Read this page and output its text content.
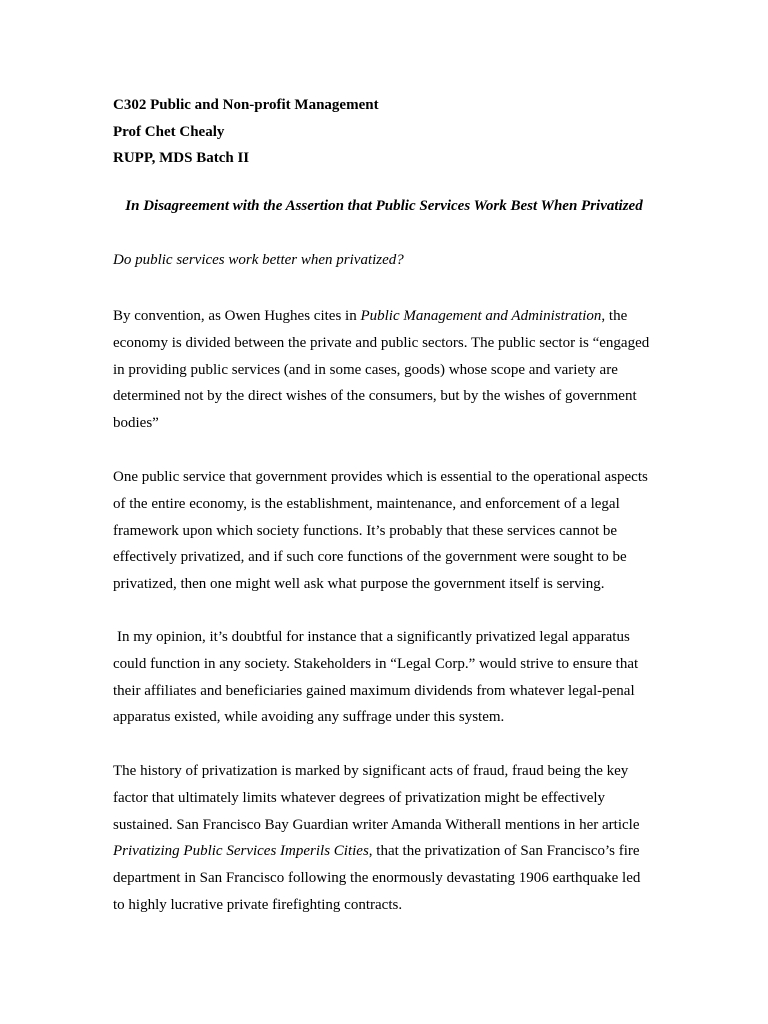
C302 Public and Non-profit Management
Prof Chet Chealy
RUPP, MDS Batch II
In Disagreement with the Assertion that Public Services Work Best When Privatized
Do public services work better when privatized?
By convention, as Owen Hughes cites in Public Management and Administration, the
economy is divided between the private and public sectors. The public sector is “engaged
in providing public services (and in some cases, goods) whose scope and variety are
determined not by the direct wishes of the consumers, but by the wishes of government
bodies”
One public service that government provides which is essential to the operational aspects
of the entire economy, is the establishment, maintenance, and enforcement of a legal
framework upon which society functions. It’s probably that these services cannot be
effectively privatized, and if such core functions of the government were sought to be
privatized, then one might well ask what purpose the government itself is serving.
In my opinion, it’s doubtful for instance that a significantly privatized legal apparatus
could function in any society. Stakeholders in “Legal Corp.” would strive to ensure that
their affiliates and beneficiaries gained maximum dividends from whatever legal-penal
apparatus existed, while avoiding any suffrage under this system.
The history of privatization is marked by significant acts of fraud, fraud being the key
factor that ultimately limits whatever degrees of privatization might be effectively
sustained. San Francisco Bay Guardian writer Amanda Witherall mentions in her article
Privatizing Public Services Imperils Cities, that the privatization of San Francisco’s fire
department in San Francisco following the enormously devastating 1906 earthquake led
to highly lucrative private firefighting contracts.
